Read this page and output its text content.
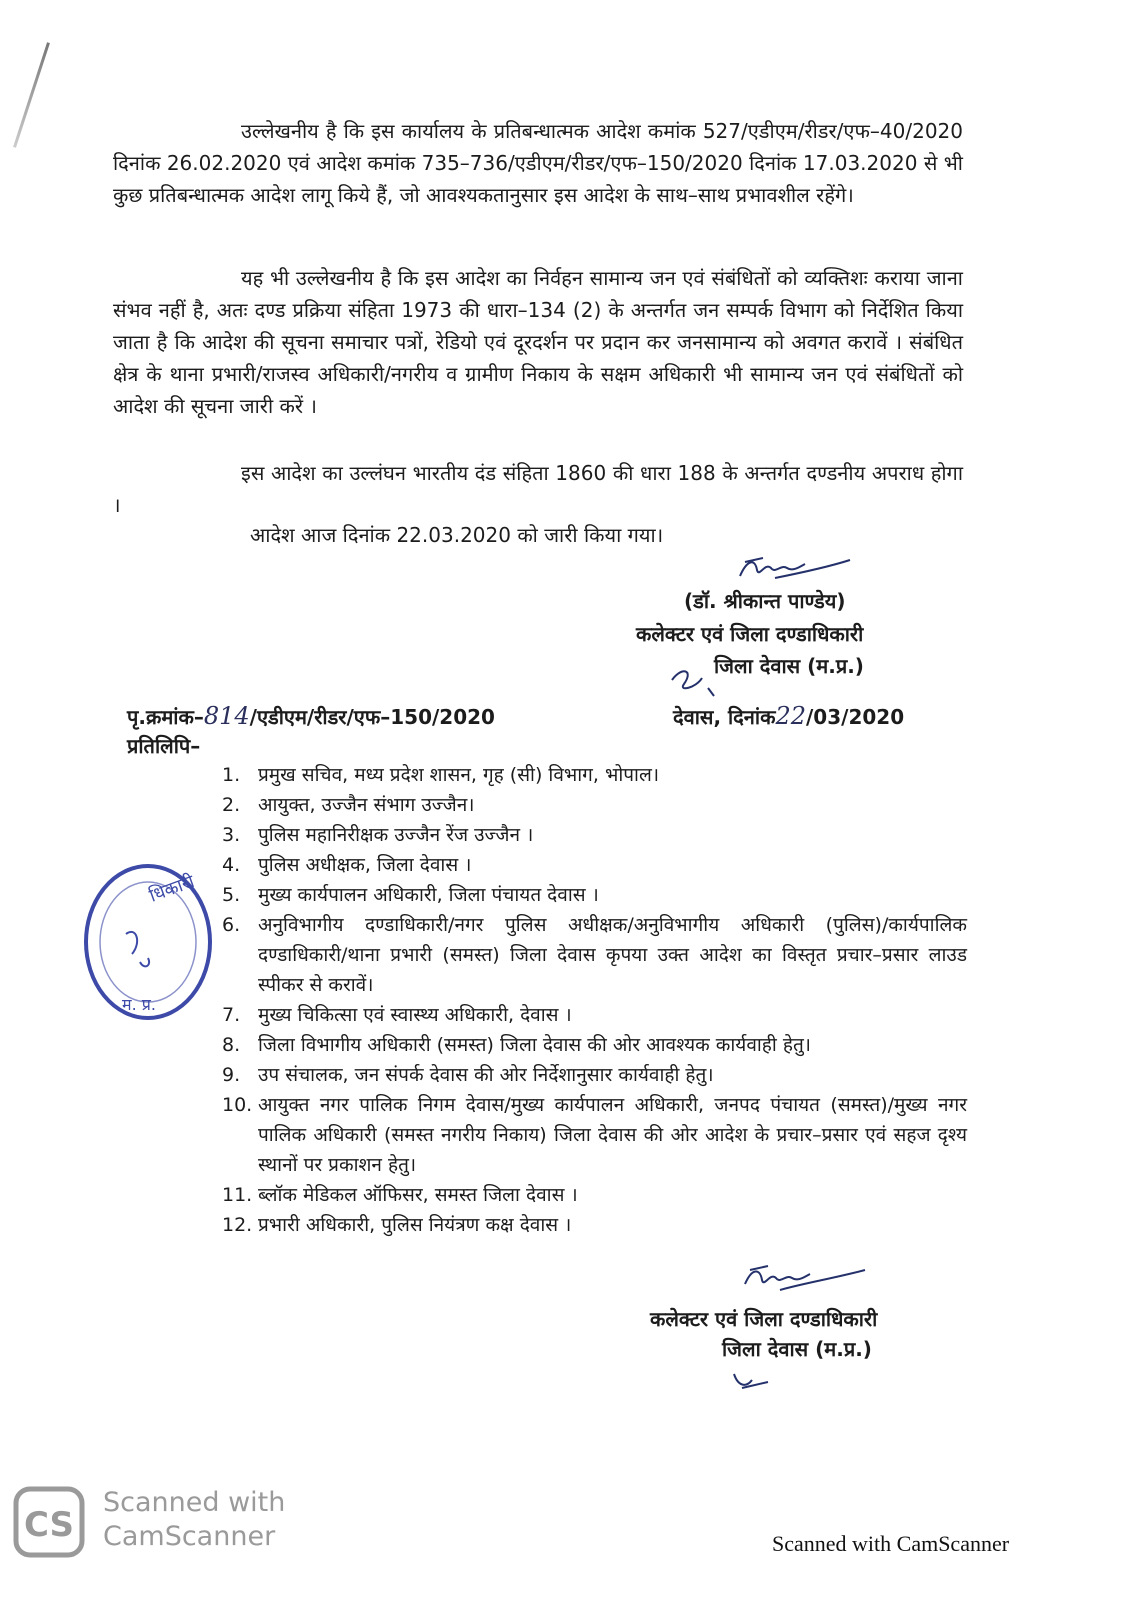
उल्लेखनीय है कि इस कार्यालय के प्रतिबन्धात्मक आदेश कमांक 527/एडीएम/रीडर/एफ–40/2020 दिनांक 26.02.2020 एवं आदेश कमांक 735–736/एडीएम/रीडर/एफ–150/2020 दिनांक 17.03.2020 से भी कुछ प्रतिबन्धात्मक आदेश लागू किये हैं, जो आवश्यकतानुसार इस आदेश के साथ–साथ प्रभावशील रहेंगे।

यह भी उल्लेखनीय है कि इस आदेश का निर्वहन सामान्य जन एवं संबंधितों को व्यक्तिशः कराया जाना संभव नहीं है, अतः दण्ड प्रक्रिया संहिता 1973 की धारा–134 (2) के अन्तर्गत जन सम्पर्क विभाग को निर्देशित किया जाता है कि आदेश की सूचना समाचार पत्रों, रेडियो एवं दूरदर्शन पर प्रदान कर जनसामान्य को अवगत करावें । संबंधित क्षेत्र के थाना प्रभारी/राजस्व अधिकारी/नगरीय व ग्रामीण निकाय के सक्षम अधिकारी भी सामान्य जन एवं संबंधितों को आदेश की सूचना जारी करें ।

इस आदेश का उल्लंघन भारतीय दंड संहिता 1860 की धारा 188 के अन्तर्गत दण्डनीय अपराध होगा ।

आदेश आज दिनांक 22.03.2020 को जारी किया गया।
(डॉ. श्रीकान्त पाण्डेय)
कलेक्टर एवं जिला दण्डाधिकारी
जिला देवास (म.प्र.)
पृ.क्रमांक–814/एडीएम/रीडर/एफ–150/2020	देवास, दिनांक22/03/2020
प्रतिलिपि–
धिकारी
म. प्र.
1. प्रमुख सचिव, मध्य प्रदेश शासन, गृह (सी) विभाग, भोपाल।
2. आयुक्त, उज्जैन संभाग उज्जैन।
3. पुलिस महानिरीक्षक उज्जैन रेंज उज्जैन ।
4. पुलिस अधीक्षक, जिला देवास ।
5. मुख्य कार्यपालन अधिकारी, जिला पंचायत देवास ।
6. अनुविभागीय दण्डाधिकारी/नगर पुलिस अधीक्षक/अनुविभागीय अधिकारी (पुलिस)/कार्यपालिक दण्डाधिकारी/थाना प्रभारी (समस्त) जिला देवास कृपया उक्त आदेश का विस्तृत प्रचार–प्रसार लाउड स्पीकर से करावें।
7. मुख्य चिकित्सा एवं स्वास्थ्य अधिकारी, देवास ।
8. जिला विभागीय अधिकारी (समस्त) जिला देवास की ओर आवश्यक कार्यवाही हेतु।
9. उप संचालक, जन संपर्क देवास की ओर निर्देशानुसार कार्यवाही हेतु।
10. आयुक्त नगर पालिक निगम देवास/मुख्य कार्यपालन अधिकारी, जनपद पंचायत (समस्त)/मुख्य नगर पालिक अधिकारी (समस्त नगरीय निकाय) जिला देवास की ओर आदेश के प्रचार–प्रसार एवं सहज दृश्य स्थानों पर प्रकाशन हेतु।
11. ब्लॉक मेडिकल ऑफिसर, समस्त जिला देवास ।
12. प्रभारी अधिकारी, पुलिस नियंत्रण कक्ष देवास ।
कलेक्टर एवं जिला दण्डाधिकारी
जिला देवास (म.प्र.)
CS
Scanned with
CamScanner	Scanned with CamScanner
